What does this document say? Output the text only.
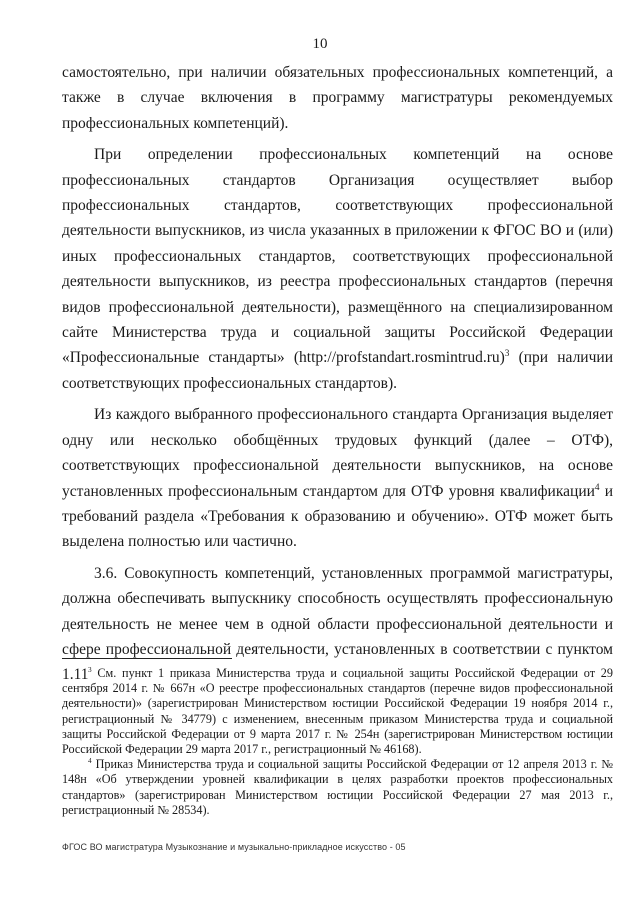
10

самостоятельно, при наличии обязательных профессиональных компетенций, а также в случае включения в программу магистратуры рекомендуемых профессиональных компетенций).

При определении профессиональных компетенций на основе профессиональных стандартов Организация осуществляет выбор профессиональных стандартов, соответствующих профессиональной деятельности выпускников, из числа указанных в приложении к ФГОС ВО и (или) иных профессиональных стандартов, соответствующих профессиональной деятельности выпускников, из реестра профессиональных стандартов (перечня видов профессиональной деятельности), размещённого на специализированном сайте Министерства труда и социальной защиты Российской Федерации «Профессиональные стандарты» (http://profstandart.rosmintrud.ru)$^3$ (при наличии соответствующих профессиональных стандартов).

Из каждого выбранного профессионального стандарта Организация выделяет одну или несколько обобщённых трудовых функций (далее – ОТФ), соответствующих профессиональной деятельности выпускников, на основе установленных профессиональным стандартом для ОТФ уровня квалификации$^4$ и требований раздела «Требования к образованию и обучению». ОТФ может быть выделена полностью или частично.

3.6. Совокупность компетенций, установленных программой магистратуры, должна обеспечивать выпускнику способность осуществлять профессиональную деятельность не менее чем в одной области профессиональной деятельности и сфере профессиональной деятельности, установленных в соответствии с пунктом 1.11 $^3$ См. пункт 1 приказа Министерства труда и социальной защиты Российской Федерации от 29 сентября 2014 г. № 667н «О реестре профессиональных стандартов (перечне видов профессиональной деятельности)» (зарегистрирован Министерством юстиции Российской Федерации 19 ноября 2014 г., регистрационный № 34779) с изменением, внесенным приказом Министерства труда и социальной защиты Российской Федерации от 9 марта 2017 г. № 254н (зарегистрирован Министерством юстиции Российской Федерации 29 марта 2017 г., регистрационный № 46168).

$^4$ Приказ Министерства труда и социальной защиты Российской Федерации от 12 апреля 2013 г. № 148н «Об утверждении уровней квалификации в целях разработки проектов профессиональных стандартов» (зарегистрирован Министерством юстиции Российской Федерации 27 мая 2013 г., регистрационный № 28534).

ФГОС ВО магистратура Музыкознание и музыкально-прикладное искусство - 05
